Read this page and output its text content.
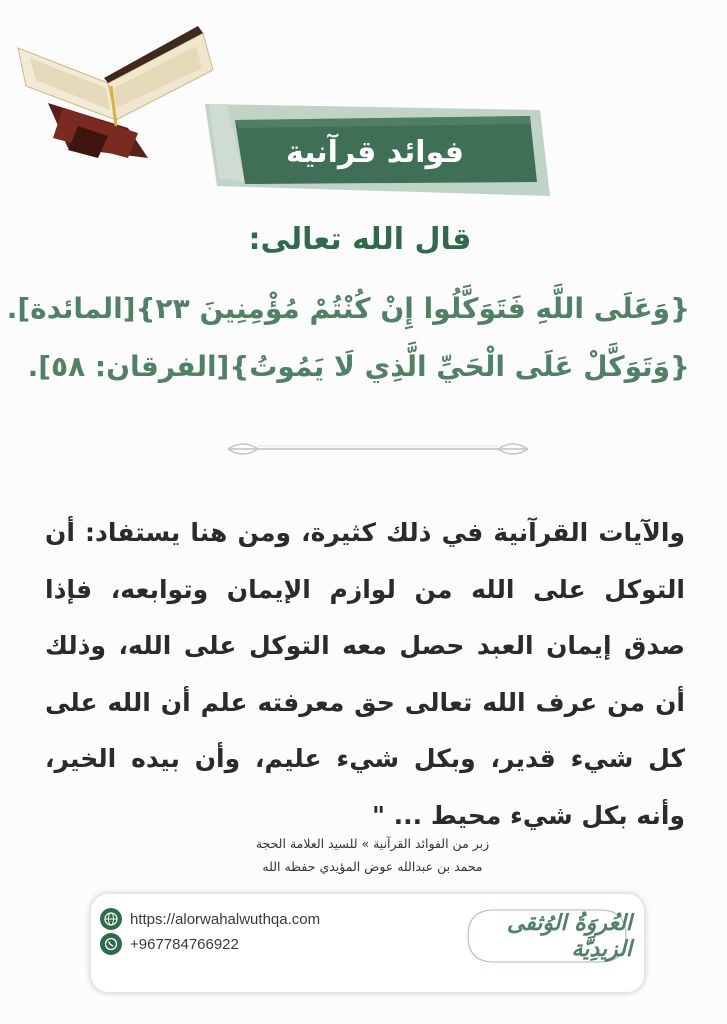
فوائد قرآنية
قال الله تعالى:
{وَعَلَى اللَّهِ فَتَوَكَّلُوا إِنْ كُنْتُمْ مُؤْمِنِينَ ٢٣}[المائدة].
{وَتَوَكَّلْ عَلَى الْحَيِّ الَّذِي لَا يَمُوتُ}[الفرقان: ٥٨].
والآيات القرآنية في ذلك كثيرة، ومن هنا يستفاد: أن التوكل على الله من لوازم الإيمان وتوابعه، فإذا صدق إيمان العبد حصل معه التوكل على الله، وذلك أن من عرف الله تعالى حق معرفته علم أن الله على كل شيء قدير، وبكل شيء عليم، وأن بيده الخير، وأنه بكل شيء محيط ... "
زبر من الفوائد القرآنية » للسيد العلامة الحجة
محمد بن عبدالله عوض المؤيدي حفظه الله
https://alorwahalwuthqa.com
+967784766922
العُروَةُ الوُثقى الزيدِيَّة
